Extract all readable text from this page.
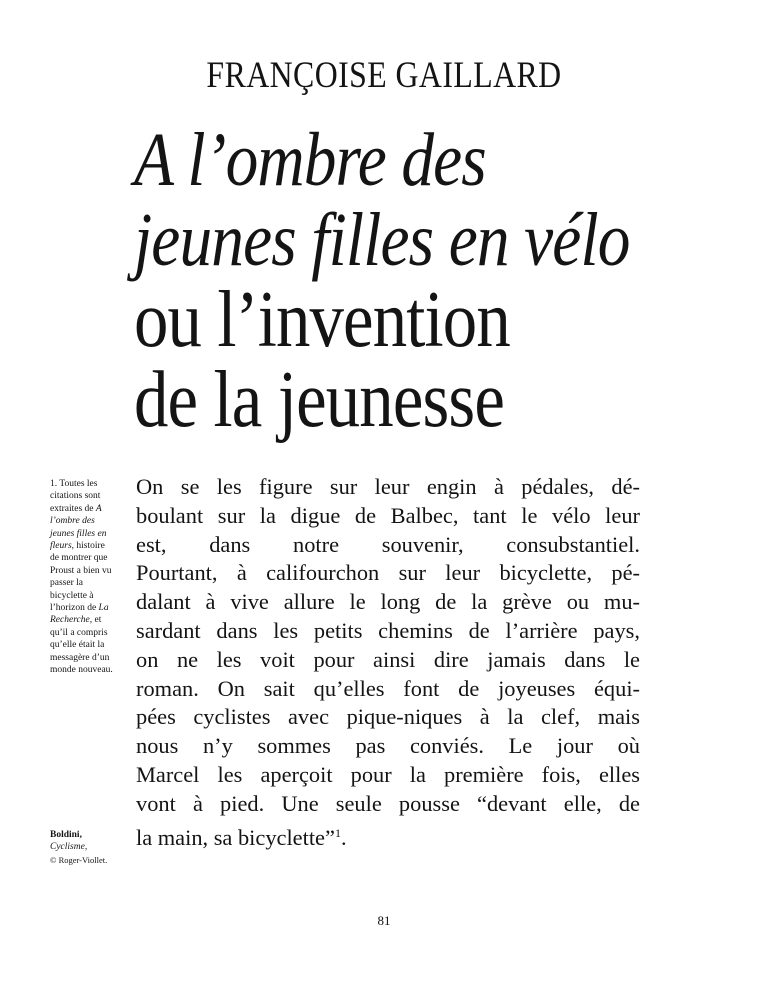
FRANÇOISE GAILLARD
A l’ombre des
jeunes filles en vélo
ou l’invention
de la jeunesse
1. Toutes les citations sont extraites de A l’ombre des jeunes filles en fleurs, histoire de montrer que Proust a bien vu passer la bicyclette à l’horizon de La Recherche, et qu’il a compris qu’elle était la messagère d’un monde nouveau.
Boldini,
Cyclisme,
© Roger-Viollet.
On se les figure sur leur engin à pédales, dé-
boulant sur la digue de Balbec, tant le vélo leur
est, dans notre souvenir, consubstantiel.
Pourtant, à califourchon sur leur bicyclette, pé-
dalant à vive allure le long de la grève ou mu-
sardant dans les petits chemins de l’arrière pays,
on ne les voit pour ainsi dire jamais dans le
roman. On sait qu’elles font de joyeuses équi-
pées cyclistes avec pique-niques à la clef, mais
nous n’y sommes pas conviés. Le jour où
Marcel les aperçoit pour la première fois, elles
vont à pied. Une seule pousse “devant elle, de
la main, sa bicyclette”$^1$.
81
